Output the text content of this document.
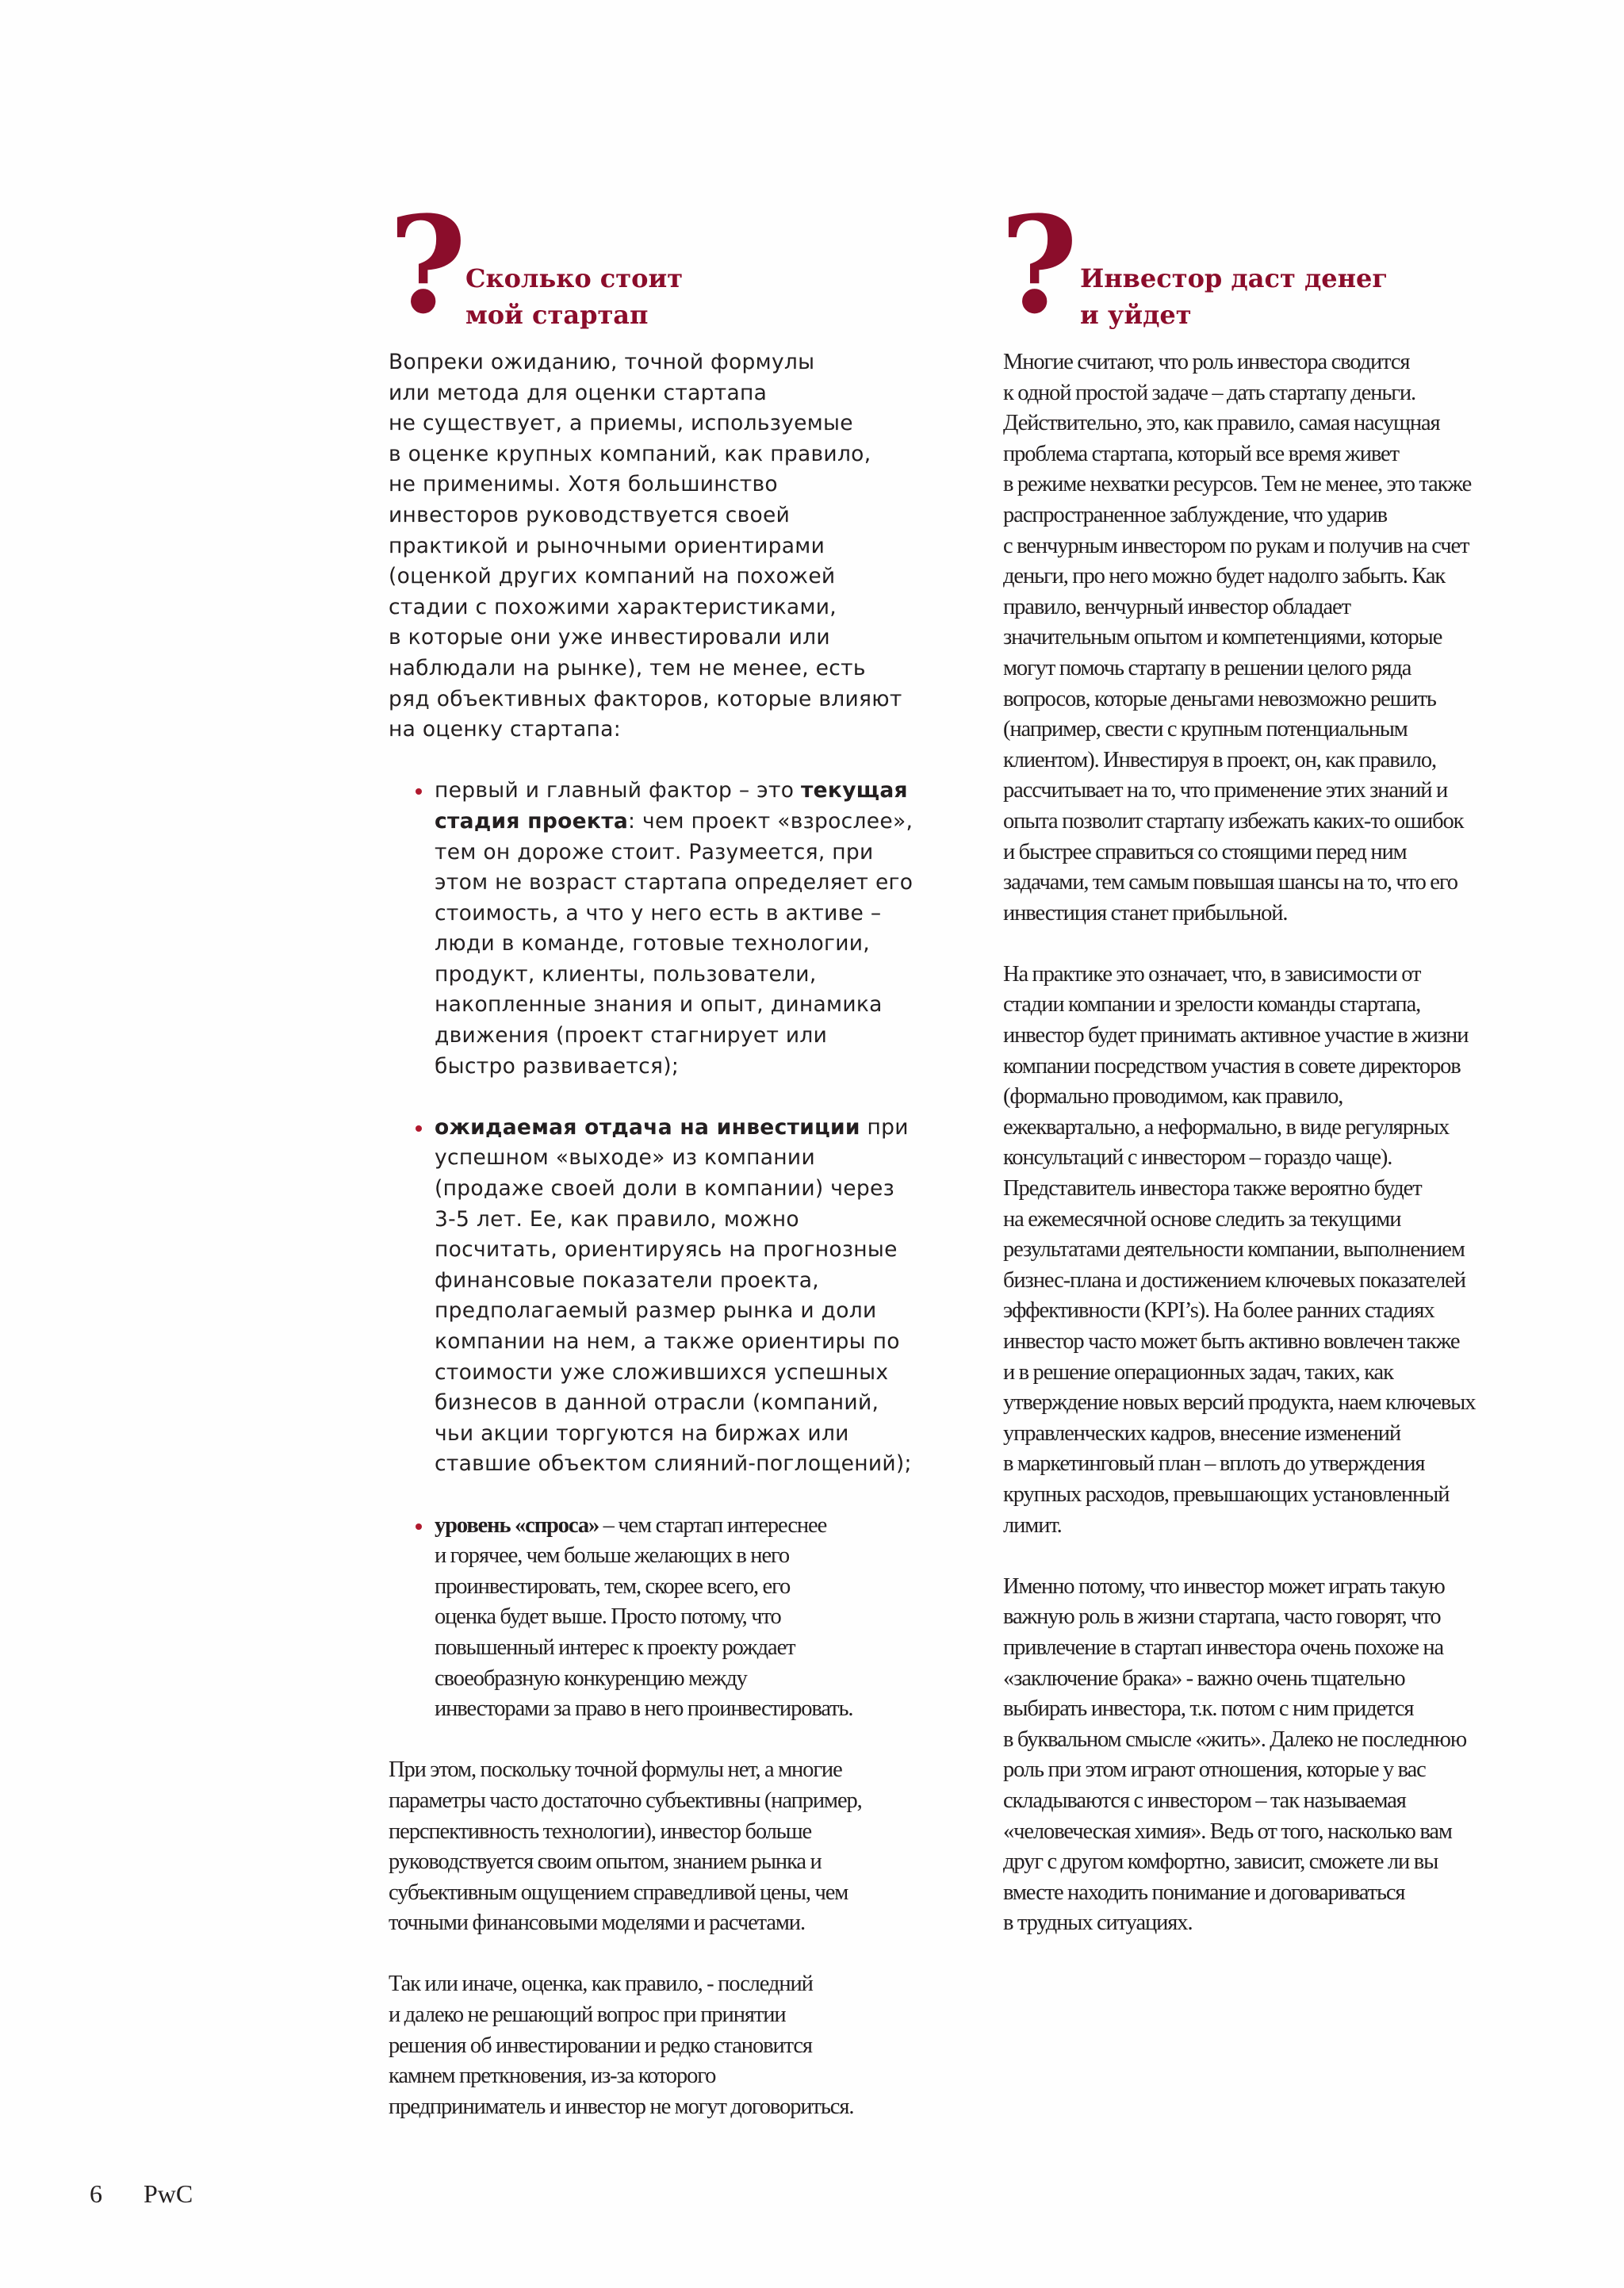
?
Сколько стоит
мой стартап
Вопреки ожиданию, точной формулы
или метода для оценки стартапа
не существует, а приемы, используемые
в оценке крупных компаний, как правило,
не применимы. Хотя большинство
инвесторов руководствуется своей
практикой и рыночными ориентирами
(оценкой других компаний на похожей
стадии с похожими характеристиками,
в которые они уже инвестировали или
наблюдали на рынке), тем не менее, есть
ряд объективных факторов, которые влияют
на оценку стартапа:
первый и главный фактор – это текущая
стадия проекта: чем проект «взрослее»,
тем он дороже стоит. Разумеется, при
этом не возраст стартапа определяет его
стоимость, а что у него есть в активе –
люди в команде, готовые технологии,
продукт, клиенты, пользователи,
накопленные знания и опыт, динамика
движения (проект стагнирует или
быстро развивается);
ожидаемая отдача на инвестиции при
успешном «выходе» из компании
(продаже своей доли в компании) через
3-5 лет. Ее, как правило, можно
посчитать, ориентируясь на прогнозные
финансовые показатели проекта,
предполагаемый размер рынка и доли
компании на нем, а также ориентиры по
стоимости уже сложившихся успешных
бизнесов в данной отрасли (компаний,
чьи акции торгуются на биржах или
ставшие объектом слияний-поглощений);
уровень «спроса» – чем стартап интереснее
и горячее, чем больше желающих в него
проинвестировать, тем, скорее всего, его
оценка будет выше. Просто потому, что
повышенный интерес к проекту рождает
своеобразную конкуренцию между
инвесторами за право в него проинвестировать.
При этом, поскольку точной формулы нет, а многие
параметры часто достаточно субъективны (например,
перспективность технологии), инвестор больше
руководствуется своим опытом, знанием рынка и
субъективным ощущением справедливой цены, чем
точными финансовыми моделями и расчетами.
Так или иначе, оценка, как правило, - последний
и далеко не решающий вопрос при принятии
решения об инвестировании и редко становится
камнем преткновения, из-за которого
предприниматель и инвестор не могут договориться.
? Инвестор даст денег
и уйдет
Многие считают, что роль инвестора сводится
к одной простой задаче – дать стартапу деньги.
Действительно, это, как правило, самая насущная
проблема стартапа, который все время живет
в режиме нехватки ресурсов. Тем не менее, это также
распространенное заблуждение, что ударив
с венчурным инвестором по рукам и получив на счет
деньги, про него можно будет надолго забыть. Как
правило, венчурный инвестор обладает
значительным опытом и компетенциями, которые
могут помочь стартапу в решении целого ряда
вопросов, которые деньгами невозможно решить
(например, свести с крупным потенциальным
клиентом). Инвестируя в проект, он, как правило,
рассчитывает на то, что применение этих знаний и
опыта позволит стартапу избежать каких-то ошибок
и быстрее справиться со стоящими перед ним
задачами, тем самым повышая шансы на то, что его
инвестиция станет прибыльной.
На практике это означает, что, в зависимости от
стадии компании и зрелости команды стартапа,
инвестор будет принимать активное участие в жизни
компании посредством участия в совете директоров
(формально проводимом, как правило,
ежеквартально, а неформально, в виде регулярных
консультаций с инвестором – гораздо чаще).
Представитель инвестора также вероятно будет
на ежемесячной основе следить за текущими
результатами деятельности компании, выполнением
бизнес-плана и достижением ключевых показателей
эффективности (KPI’s). На более ранних стадиях
инвестор часто может быть активно вовлечен также
и в решение операционных задач, таких, как
утверждение новых версий продукта, наем ключевых
управленческих кадров, внесение изменений
в маркетинговый план – вплоть до утверждения
крупных расходов, превышающих установленный
лимит.
Именно потому, что инвестор может играть такую
важную роль в жизни стартапа, часто говорят, что
привлечение в стартап инвестора очень похоже на
«заключение брака» - важно очень тщательно
выбирать инвестора, т.к. потом с ним придется
в буквальном смысле «жить». Далеко не последнюю
роль при этом играют отношения, которые у вас
складываются с инвестором – так называемая
«человеческая химия». Ведь от того, насколько вам
друг с другом комфортно, зависит, сможете ли вы
вместе находить понимание и договариваться
в трудных ситуациях.
6 PwC
